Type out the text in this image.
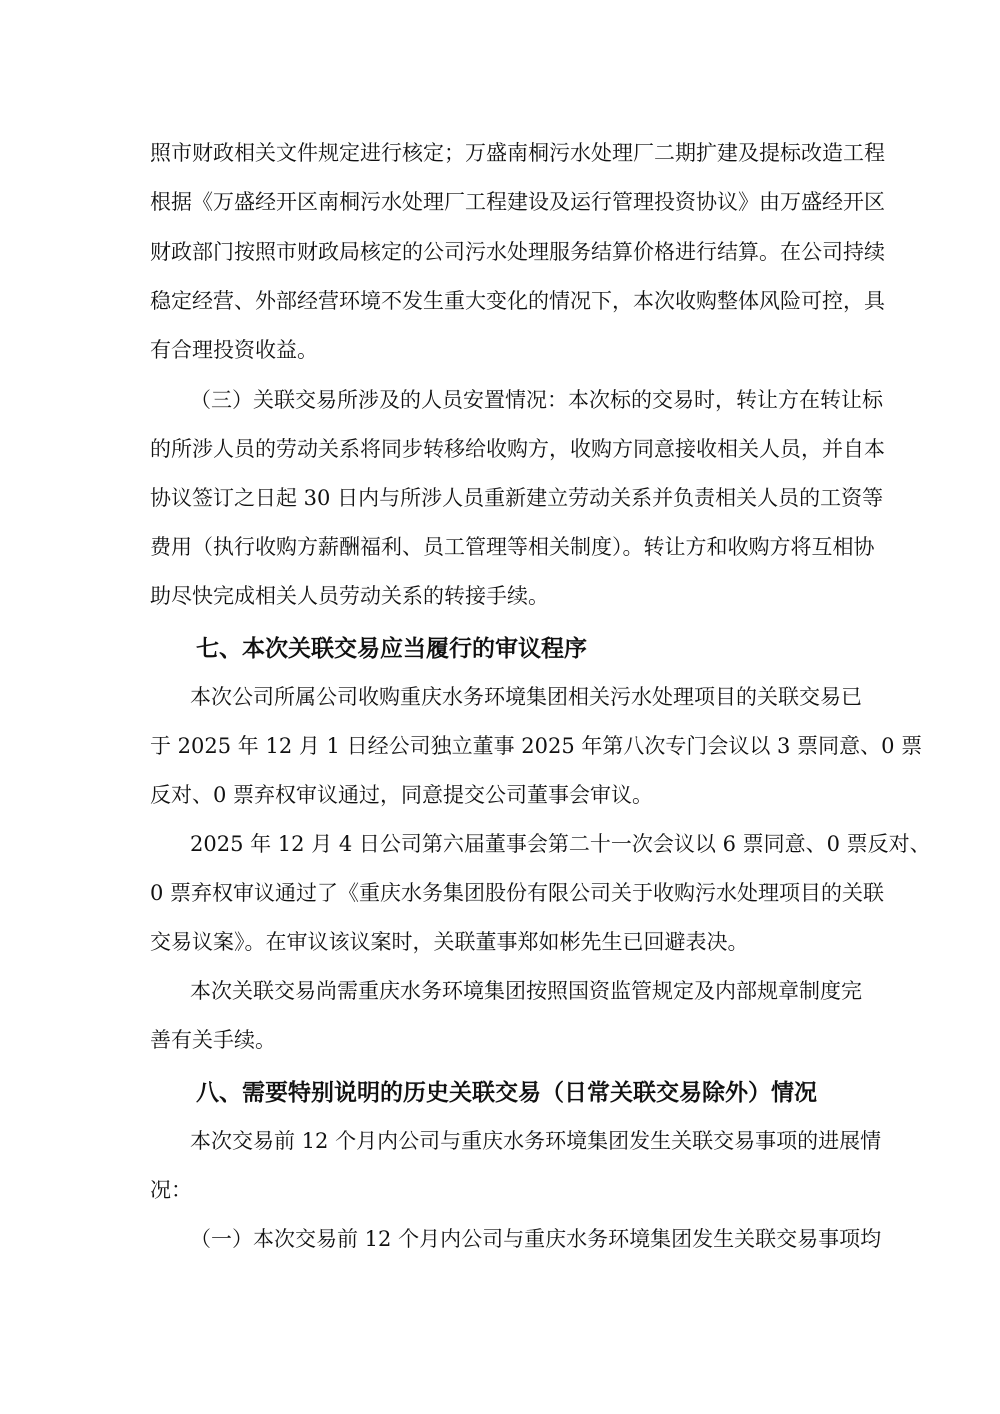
照市财政相关文件规定进行核定；万盛南桐污水处理厂二期扩建及提标改造工程
根据《万盛经开区南桐污水处理厂工程建设及运行管理投资协议》由万盛经开区
财政部门按照市财政局核定的公司污水处理服务结算价格进行结算。在公司持续
稳定经营、外部经营环境不发生重大变化的情况下，本次收购整体风险可控，具
有合理投资收益。
（三）关联交易所涉及的人员安置情况：本次标的交易时，转让方在转让标
的所涉人员的劳动关系将同步转移给收购方，收购方同意接收相关人员，并自本
协议签订之日起 30 日内与所涉人员重新建立劳动关系并负责相关人员的工资等
费用（执行收购方薪酬福利、员工管理等相关制度）。转让方和收购方将互相协
助尽快完成相关人员劳动关系的转接手续。
七、本次关联交易应当履行的审议程序
本次公司所属公司收购重庆水务环境集团相关污水处理项目的关联交易已
于 2025 年 12 月 1 日经公司独立董事 2025 年第八次专门会议以 3 票同意、0 票
反对、0 票弃权审议通过，同意提交公司董事会审议。
2025 年 12 月 4 日公司第六届董事会第二十一次会议以 6 票同意、0 票反对、
0 票弃权审议通过了《重庆水务集团股份有限公司关于收购污水处理项目的关联
交易议案》。在审议该议案时，关联董事郑如彬先生已回避表决。
本次关联交易尚需重庆水务环境集团按照国资监管规定及内部规章制度完
善有关手续。
八、需要特别说明的历史关联交易（日常关联交易除外）情况
本次交易前 12 个月内公司与重庆水务环境集团发生关联交易事项的进展情
况：
（一）本次交易前 12 个月内公司与重庆水务环境集团发生关联交易事项均
